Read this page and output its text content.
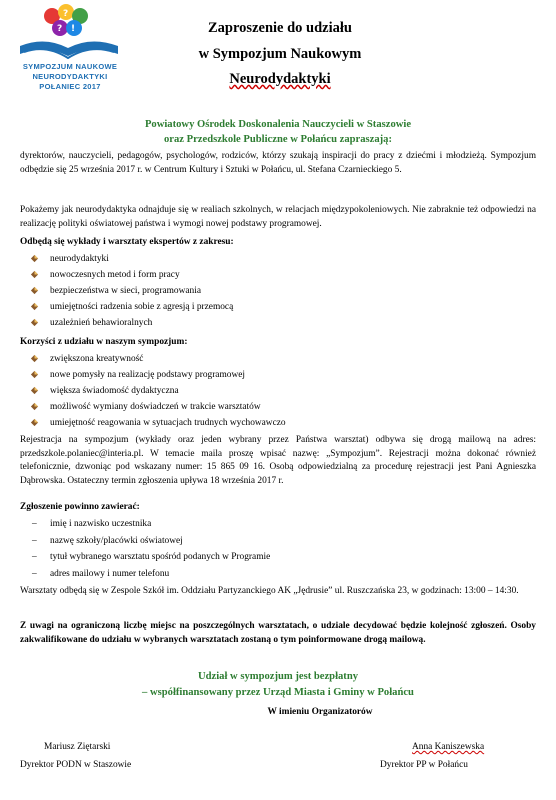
?
? !
SYMPOZJUM NAUKOWE
NEURODYDAKTYKI
POŁANIEC 2017
Zaproszenie do udziału
w Sympozjum Naukowym
Neurodydaktyki
Powiatowy Ośrodek Doskonalenia Nauczycieli w Staszowie
oraz Przedszkole Publiczne w Połańcu zapraszają:
dyrektorów, nauczycieli, pedagogów, psychologów, rodziców, którzy szukają inspiracji do pracy z dziećmi i młodzieżą. Sympozjum odbędzie się 25 września 2017 r. w Centrum Kultury i Sztuki w Połańcu, ul. Stefana Czarnieckiego 5.
Pokażemy jak neurodydaktyka odnajduje się w realiach szkolnych, w relacjach międzypokoleniowych. Nie zabraknie też odpowiedzi na realizację polityki oświatowej państwa i wymogi nowej podstawy programowej.
Odbędą się wykłady i warsztaty ekspertów z zakresu:
neurodydaktyki
nowoczesnych metod i form pracy
bezpieczeństwa w sieci, programowania
umiejętności radzenia sobie z agresją i przemocą
uzależnień behawioralnych
Korzyści z udziału w naszym sympozjum:
zwiększona kreatywność
nowe pomysły na realizację podstawy programowej
większa świadomość dydaktyczna
możliwość wymiany doświadczeń w trakcie warsztatów
umiejętność reagowania w sytuacjach trudnych wychowawczo
Rejestracja na sympozjum (wykłady oraz jeden wybrany przez Państwa warsztat) odbywa się drogą mailową na adres: przedszkole.polaniec@interia.pl. W temacie maila proszę wpisać nazwę: „Sympozjum”. Rejestracji można dokonać również telefonicznie, dzwoniąc pod wskazany numer: 15 865 09 16. Osobą odpowiedzialną za procedurę rejestracji jest Pani Agnieszka Dąbrowska. Ostateczny termin zgłoszenia upływa 18 września 2017 r.
Zgłoszenie powinno zawierać:
– imię i nazwisko uczestnika
– nazwę szkoły/placówki oświatowej
– tytuł wybranego warsztatu spośród podanych w Programie
– adres mailowy i numer telefonu
Warsztaty odbędą się w Zespole Szkół im. Oddziału Partyzanckiego AK „Jędrusie” ul. Ruszczańska 23, w godzinach: 13:00 – 14:30.
Z uwagi na ograniczoną liczbę miejsc na poszczególnych warsztatach, o udziale decydować będzie kolejność zgłoszeń. Osoby zakwalifikowane do udziału w wybranych warsztatach zostaną o tym poinformowane drogą mailową.
Udział w sympozjum jest bezpłatny
– współfinansowany przez Urząd Miasta i Gminy w Połańcu
W imieniu Organizatorów
Mariusz Ziętarski
Dyrektor PODN w Staszowie
Anna Kaniszewska
Dyrektor PP w Połańcu
